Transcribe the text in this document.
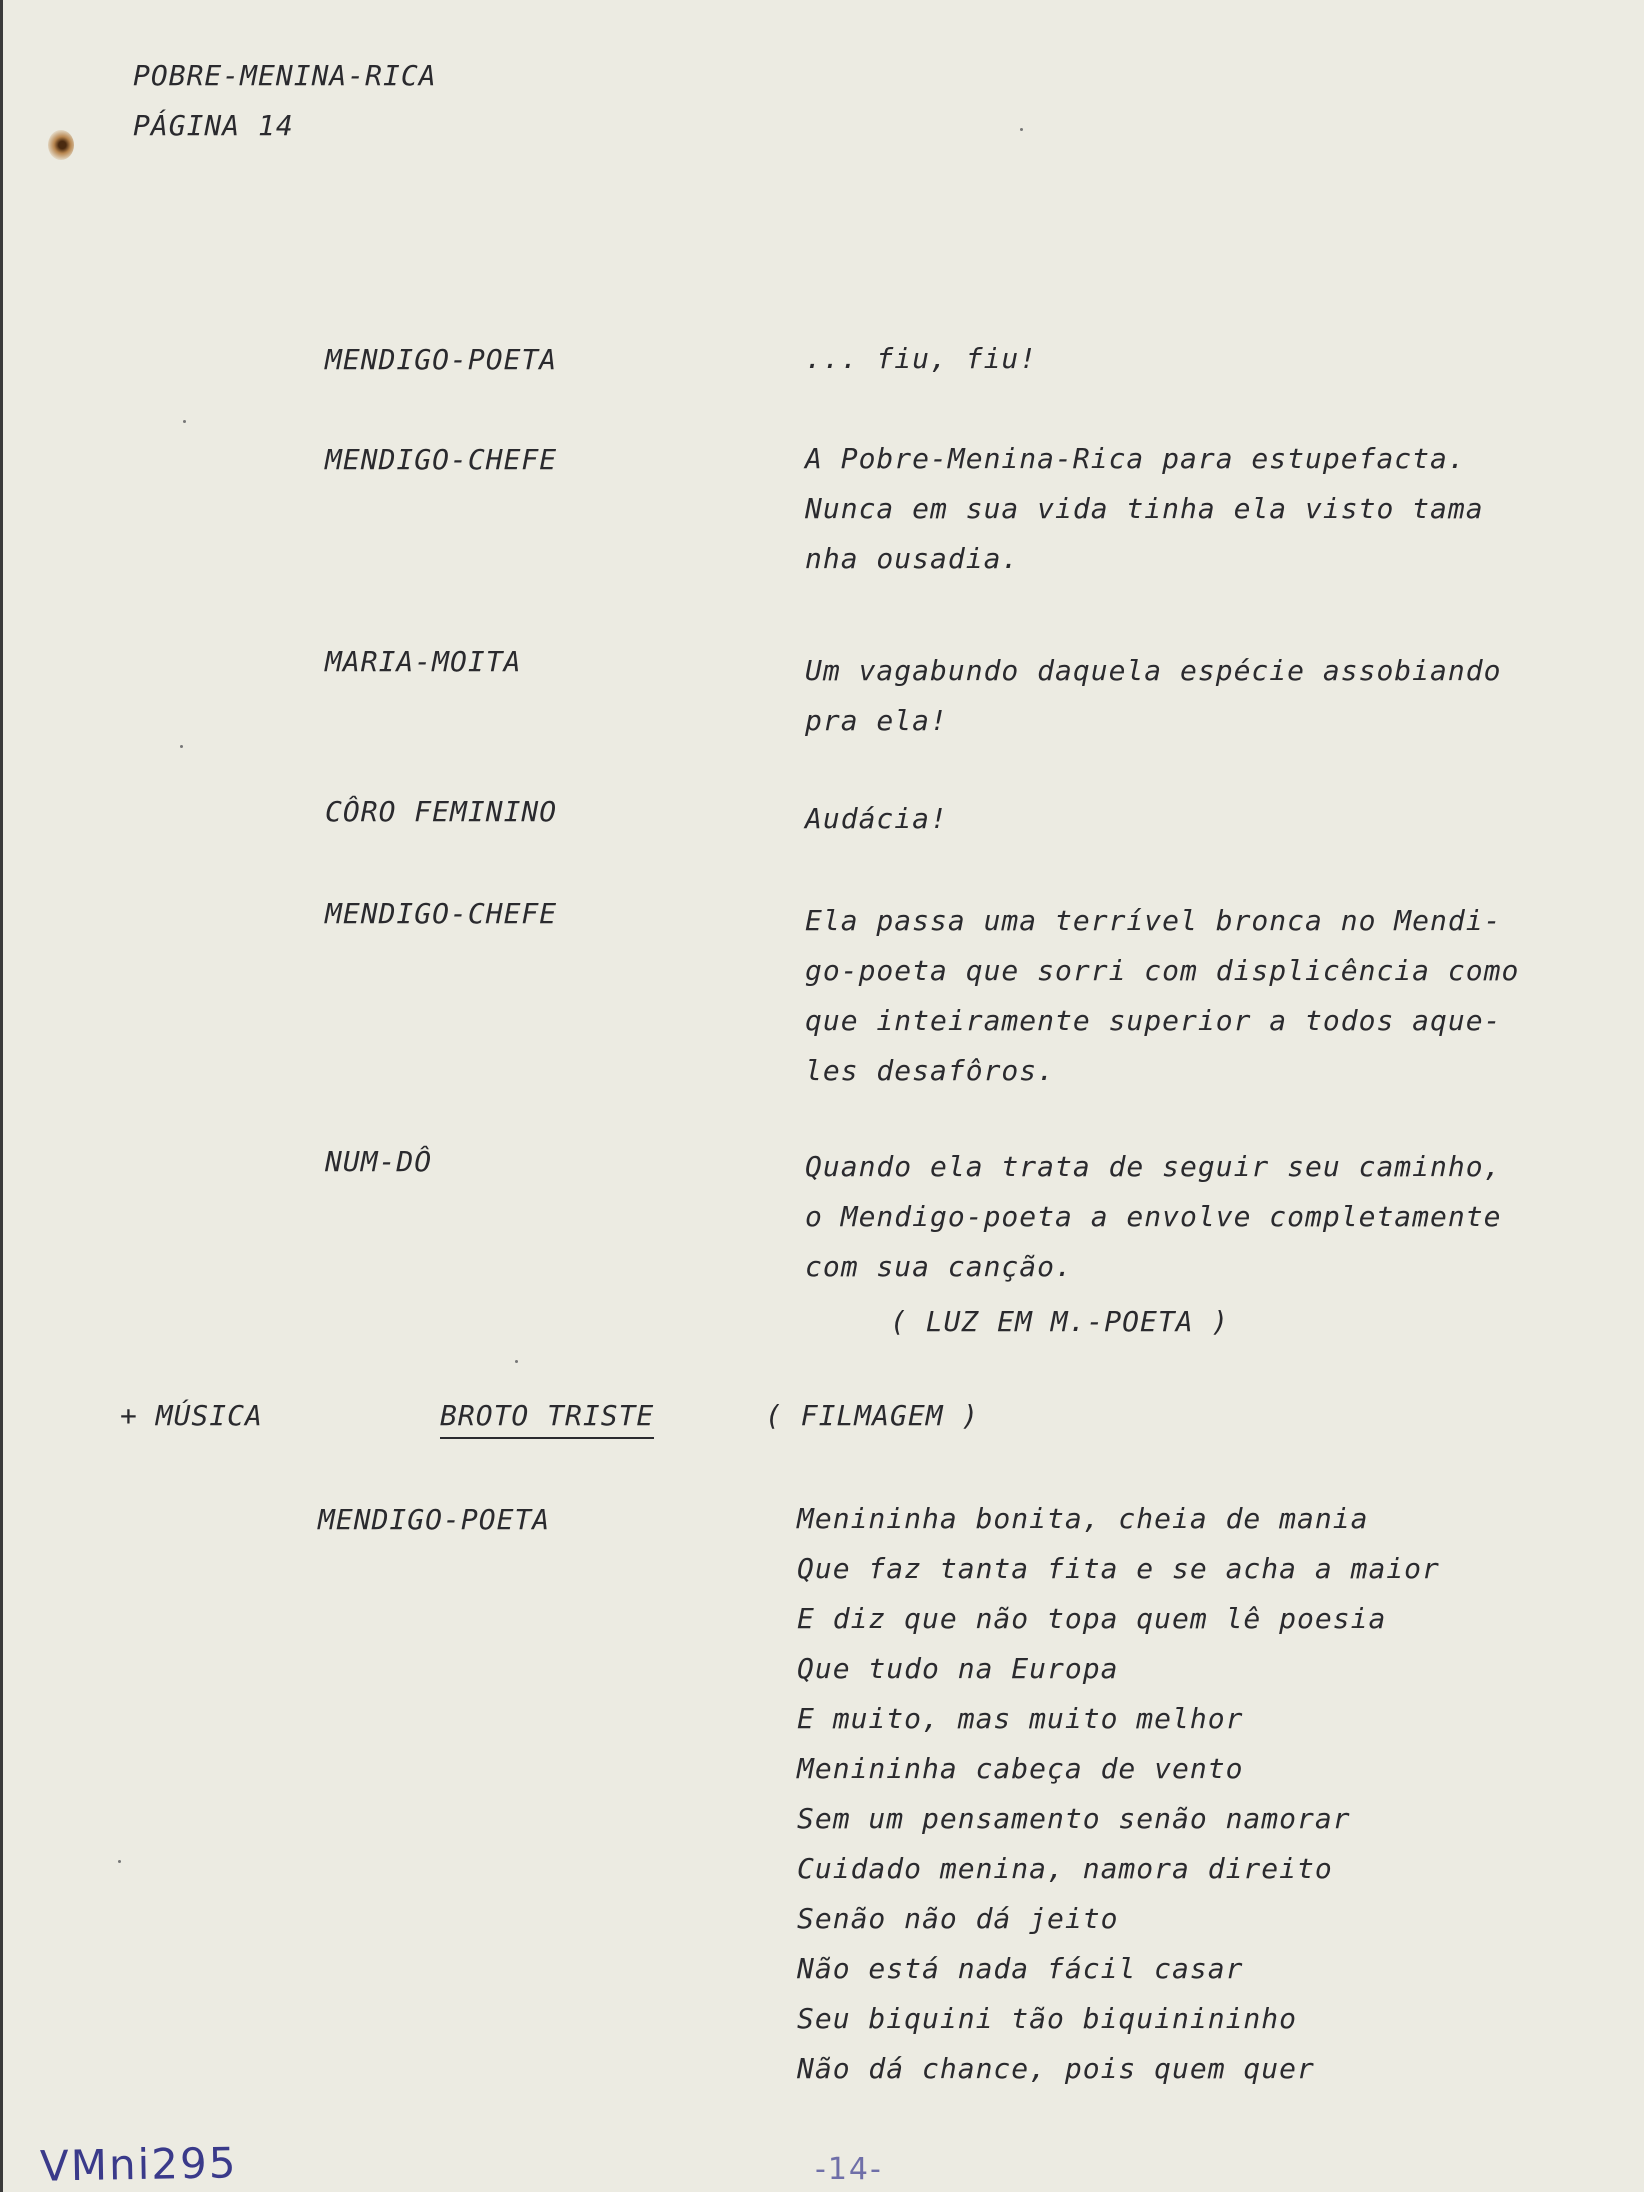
POBRE-MENINA-RICA
PÁGINA 14
MENDIGO-POETA	... fiu, fiu!
MENDIGO-CHEFE	A Pobre-Menina-Rica para estupefacta.
Nunca em sua vida tinha ela visto tama
nha ousadia.
MARIA-MOITA	Um vagabundo daquela espécie assobiando
pra ela!
CÔRO FEMININO	Audácia!
MENDIGO-CHEFE	Ela passa uma terrível bronca no Mendi-
go-poeta que sorri com displicência como
que inteiramente superior a todos aque-
les desafôros.
NUM-DÔ	Quando ela trata de seguir seu caminho,
o Mendigo-poeta a envolve completamente
com sua canção.
( LUZ EM M.-POETA )
+ MÚSICA	BROTO TRISTE	( FILMAGEM )
MENDIGO-POETA	Menininha bonita, cheia de mania
Que faz tanta fita e se acha a maior
E diz que não topa quem lê poesia
Que tudo na Europa
E muito, mas muito melhor
Menininha cabeça de vento
Sem um pensamento senão namorar
Cuidado menina, namora direito
Senão não dá jeito
Não está nada fácil casar
Seu biquini tão biquinininho
Não dá chance, pois quem quer
VMni295	-14-
